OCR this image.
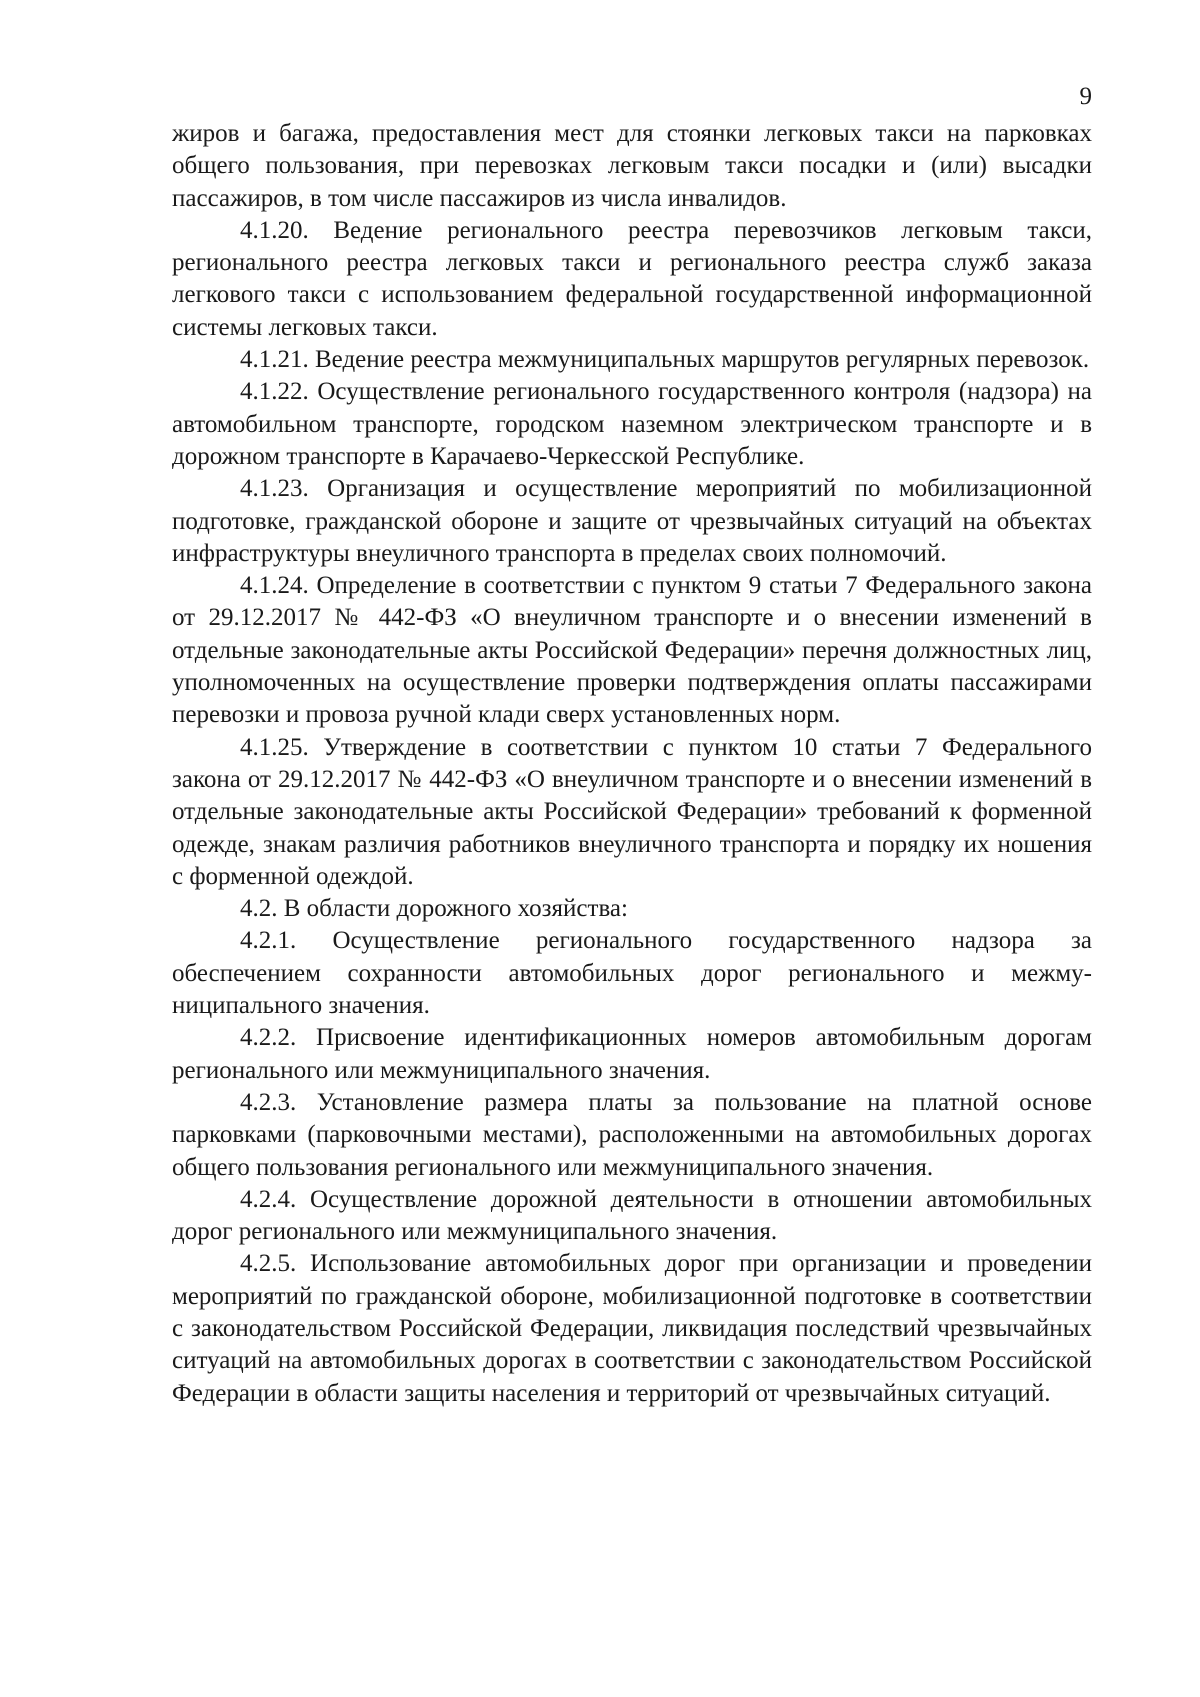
9

жиров и багажа, предоставления мест для стоянки легковых такси на парковках общего пользования, при перевозках легковым такси посадки и (или) высадки пассажиров, в том числе пассажиров из числа инвалидов.

4.1.20. Ведение регионального реестра перевозчиков легковым такси, регионального реестра легковых такси и регионального реестра служб заказа легкового такси с использованием федеральной государственной информационной системы легковых такси.

4.1.21. Ведение реестра межмуниципальных маршрутов регулярных перевозок.

4.1.22. Осуществление регионального государственного контроля (надзора) на автомобильном транспорте, городском наземном электрическом транспорте и в дорожном транспорте в Карачаево-Черкесской Республике.

4.1.23. Организация и осуществление мероприятий по мобилизационной подготовке, гражданской обороне и защите от чрезвычайных ситуаций на объектах инфраструктуры внеуличного транспорта в пределах своих полномочий.

4.1.24. Определение в соответствии с пунктом 9 статьи 7 Федерального закона от 29.12.2017 № 442-ФЗ «О внеуличном транспорте и о внесении изменений в отдельные законодательные акты Российской Федерации» перечня должностных лиц, уполномоченных на осуществление проверки подтверждения оплаты пассажирами перевозки и провоза ручной клади сверх установленных норм.

4.1.25. Утверждение в соответствии с пунктом 10 статьи 7 Федерального закона от 29.12.2017 № 442-ФЗ «О внеуличном транспорте и о внесении изменений в отдельные законодательные акты Российской Федерации» требований к форменной одежде, знакам различия работников внеуличного транспорта и порядку их ношения с форменной одеждой.

4.2. В области дорожного хозяйства:

4.2.1. Осуществление регионального государственного надзора за обеспечением сохранности автомобильных дорог регионального и межмуниципального значения.

4.2.2. Присвоение идентификационных номеров автомобильным дорогам регионального или межмуниципального значения.

4.2.3. Установление размера платы за пользование на платной основе парковками (парковочными местами), расположенными на автомобильных дорогах общего пользования регионального или межмуниципального значения.

4.2.4. Осуществление дорожной деятельности в отношении автомобильных дорог регионального или межмуниципального значения.

4.2.5. Использование автомобильных дорог при организации и проведении мероприятий по гражданской обороне, мобилизационной подготовке в соответствии с законодательством Российской Федерации, ликвидация последствий чрезвычайных ситуаций на автомобильных дорогах в соответствии с законодательством Российской Федерации в области защиты населения и территорий от чрезвычайных ситуаций.
